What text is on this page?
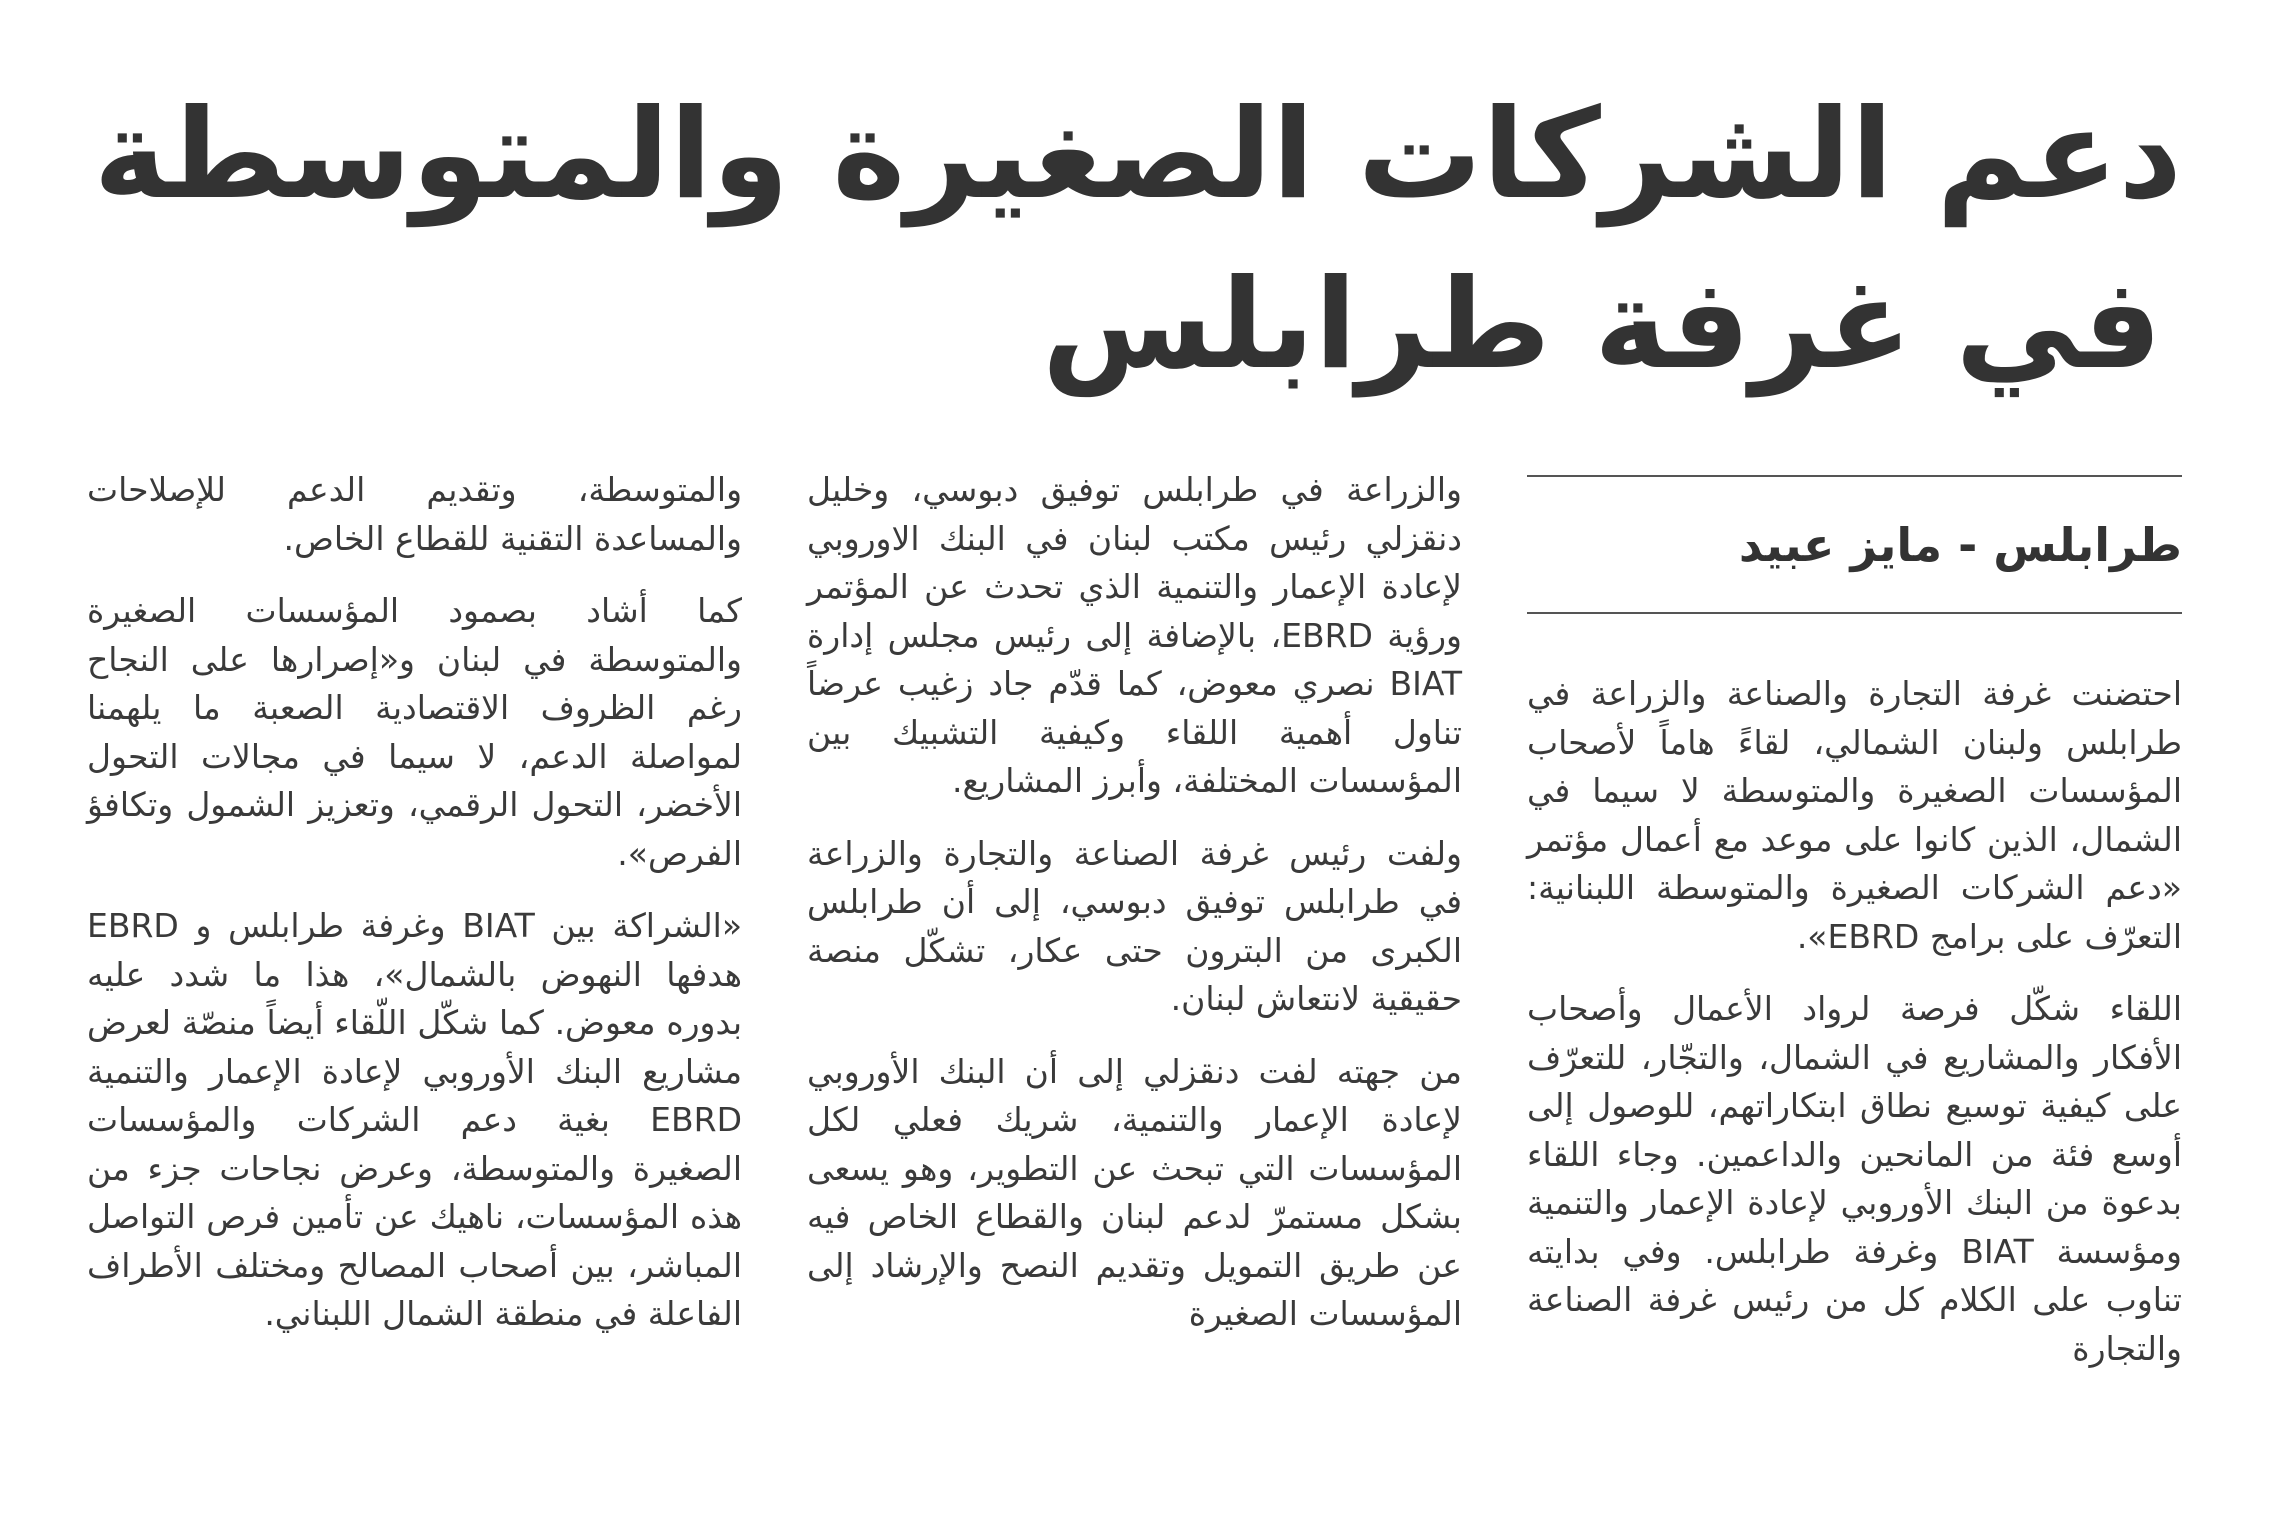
دعم الشركات الصغيرة والمتوسطة
في غرفة طرابلس
طرابلس - مايز عبيد

احتضنت غرفة التجارة والصناعة والزراعة في طرابلس ولبنان الشمالي، لقاءً هاماً لأصحاب المؤسسات الصغيرة والمتوسطة لا سيما في الشمال، الذين كانوا على موعد مع أعمال مؤتمر «دعم الشركات الصغيرة والمتوسطة اللبنانية: التعرّف على برامج EBRD».

اللقاء شكّل فرصة لرواد الأعمال وأصحاب الأفكار والمشاريع في الشمال، والتجّار، للتعرّف على كيفية توسيع نطاق ابتكاراتهم، للوصول إلى أوسع فئة من المانحين والداعمين. وجاء اللقاء بدعوة من البنك الأوروبي لإعادة الإعمار والتنمية ومؤسسة BIAT وغرفة طرابلس. وفي بدايته تناوب على الكلام كل من رئيس غرفة الصناعة والتجارة

والزراعة في طرابلس توفيق دبوسي، وخليل دنقزلي رئيس مكتب لبنان في البنك الاوروبي لإعادة الإعمار والتنمية الذي تحدث عن المؤتمر ورؤية EBRD، بالإضافة إلى رئيس مجلس إدارة BIAT نصري معوض، كما قدّم جاد زغيب عرضاً تناول أهمية اللقاء وكيفية التشبيك بين المؤسسات المختلفة، وأبرز المشاريع.

ولفت رئيس غرفة الصناعة والتجارة والزراعة في طرابلس توفيق دبوسي، إلى أن طرابلس الكبرى من البترون حتى عكار، تشكّل منصة حقيقية لانتعاش لبنان.

من جهته لفت دنقزلي إلى أن البنك الأوروبي لإعادة الإعمار والتنمية، شريك فعلي لكل المؤسسات التي تبحث عن التطوير، وهو يسعى بشكل مستمرّ لدعم لبنان والقطاع الخاص فيه عن طريق التمويل وتقديم النصح والإرشاد إلى المؤسسات الصغيرة

والمتوسطة، وتقديم الدعم للإصلاحات والمساعدة التقنية للقطاع الخاص.

كما أشاد بصمود المؤسسات الصغيرة والمتوسطة في لبنان و«إصرارها على النجاح رغم الظروف الاقتصادية الصعبة ما يلهمنا لمواصلة الدعم، لا سيما في مجالات التحول الأخضر، التحول الرقمي، وتعزيز الشمول وتكافؤ الفرص».

«الشراكة بين BIAT وغرفة طرابلس و EBRD هدفها النهوض بالشمال»، هذا ما شدد عليه بدوره معوض. كما شكّل اللّقاء أيضاً منصّة لعرض مشاريع البنك الأوروبي لإعادة الإعمار والتنمية EBRD بغية دعم الشركات والمؤسسات الصغيرة والمتوسطة، وعرض نجاحات جزء من هذه المؤسسات، ناهيك عن تأمين فرص التواصل المباشر، بين أصحاب المصالح ومختلف الأطراف الفاعلة في منطقة الشمال اللبناني.
